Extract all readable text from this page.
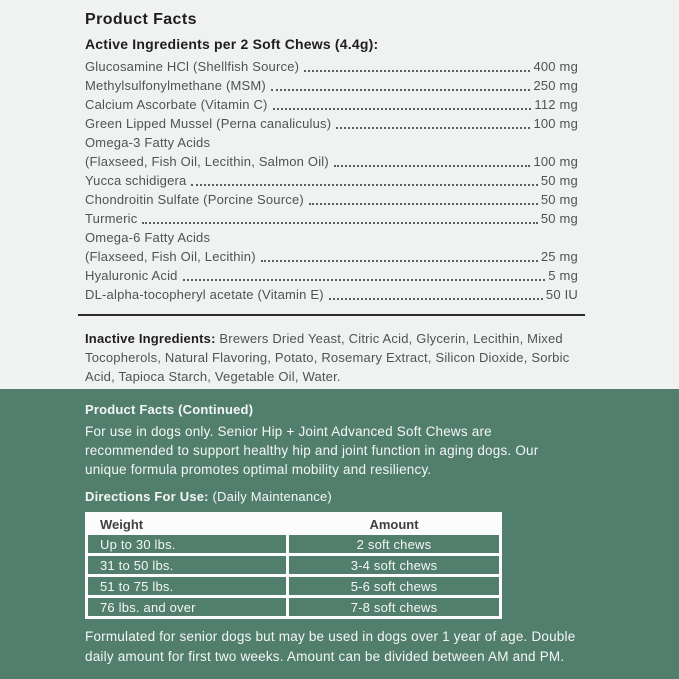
Product Facts
Active Ingredients per 2 Soft Chews (4.4g):
Glucosamine HCl (Shellfish Source)	400 mg
Methylsulfonylmethane (MSM)	250 mg
Calcium Ascorbate (Vitamin C)	112 mg
Green Lipped Mussel (Perna canaliculus)	100 mg
Omega-3 Fatty Acids
(Flaxseed, Fish Oil, Lecithin, Salmon Oil)	100 mg
Yucca schidigera	50 mg
Chondroitin Sulfate (Porcine Source)	50 mg
Turmeric	50 mg
Omega-6 Fatty Acids
(Flaxseed, Fish Oil, Lecithin)	25 mg
Hyaluronic Acid	5 mg
DL-alpha-tocopheryl acetate (Vitamin E)	50 IU

Inactive Ingredients: Brewers Dried Yeast, Citric Acid, Glycerin, Lecithin, Mixed Tocopherols, Natural Flavoring, Potato, Rosemary Extract, Silicon Dioxide, Sorbic Acid, Tapioca Starch, Vegetable Oil, Water.

Product Facts (Continued)

For use in dogs only. Senior Hip + Joint Advanced Soft Chews are recommended to support healthy hip and joint function in aging dogs. Our unique formula promotes optimal mobility and resiliency.

Directions For Use: (Daily Maintenance)
Weight	Amount
Up to 30 lbs.	2 soft chews
31 to 50 lbs.	3-4 soft chews
51 to 75 lbs.	5-6 soft chews
76 lbs. and over	7-8 soft chews

Formulated for senior dogs but may be used in dogs over 1 year of age. Double daily amount for first two weeks. Amount can be divided between AM and PM.
